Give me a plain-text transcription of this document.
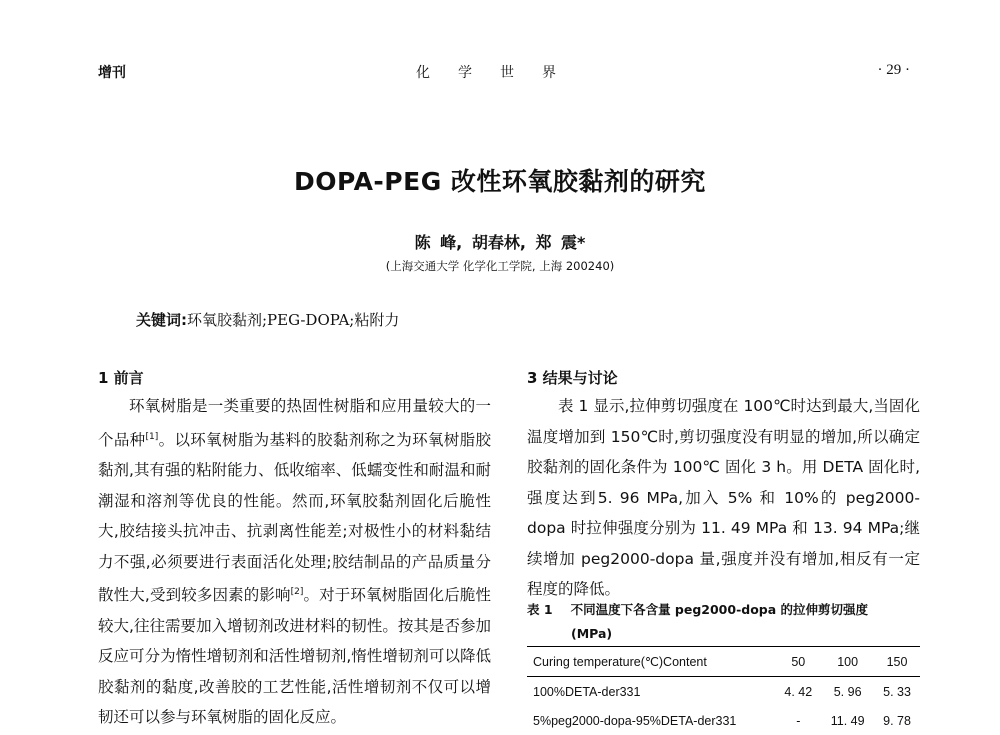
增刊	化学世界	· 29 ·
DOPA-PEG 改性环氧胶黏剂的研究
陈 峰, 胡春林, 郑 震*
(上海交通大学 化学化工学院, 上海 200240)
关键词:环氧胶黏剂;PEG-DOPA;粘附力
1 前言

环氧树脂是一类重要的热固性树脂和应用量较大的一个品种[1]。以环氧树脂为基料的胶黏剂称之为环氧树脂胶黏剂,其有强的粘附能力、低收缩率、低蠕变性和耐温和耐潮湿和溶剂等优良的性能。然而,环氧胶黏剂固化后脆性大,胶结接头抗冲击、抗剥离性能差;对极性小的材料黏结力不强,必须要进行表面活化处理;胶结制品的产品质量分散性大,受到较多因素的影响[2]。对于环氧树脂固化后脆性较大,往往需要加入增韧剂改进材料的韧性。按其是否参加反应可分为惰性增韧剂和活性增韧剂,惰性增韧剂可以降低胶黏剂的黏度,改善胶的工艺性能,活性增韧剂不仅可以增韧还可以参与环氧树脂的固化反应。

3 结果与讨论

表 1 显示,拉伸剪切强度在 100℃时达到最大,当固化温度增加到 150℃时,剪切强度没有明显的增加,所以确定胶黏剂的固化条件为 100℃ 固化 3 h。用 DETA 固化时,强度达到5. 96 MPa,加入 5% 和 10%的 peg2000-dopa 时拉伸强度分别为 11. 49 MPa 和 13. 94 MPa;继续增加 peg2000-dopa 量,强度并没有增加,相反有一定程度的降低。

表 1 不同温度下各含量 peg2000-dopa 的拉伸剪切强度
(MPa)
Curing temperature(℃)Content	50	100	150
100%DETA-der331	4. 42	5. 96	5. 33
5%peg2000-dopa-95%DETA-der331	-	11. 49	9. 78
